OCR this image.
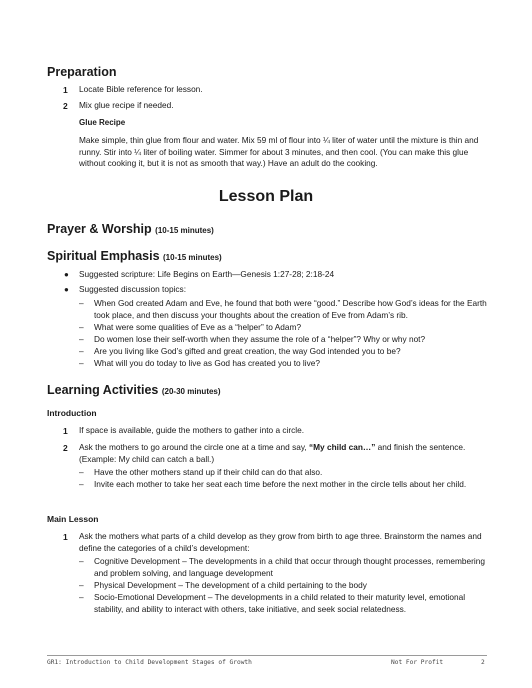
Preparation
1 Locate Bible reference for lesson.
2 Mix glue recipe if needed.
Glue Recipe
Make simple, thin glue from flour and water. Mix 59 ml of flour into ¼ liter of water until the mixture is thin and runny. Stir into ¼ liter of boiling water. Simmer for about 3 minutes, and then cool. (You can make this glue without cooking it, but it is not as smooth that way.) Have an adult do the cooking.
Lesson Plan
Prayer & Worship (10-15 minutes)
Spiritual Emphasis (10-15 minutes)
● Suggested scripture: Life Begins on Earth—Genesis 1:27-28; 2:18-24
● Suggested discussion topics:
– When God created Adam and Eve, he found that both were “good.” Describe how God’s ideas for the Earth took place, and then discuss your thoughts about the creation of Eve from Adam’s rib.
– What were some qualities of Eve as a “helper” to Adam?
– Do women lose their self-worth when they assume the role of a “helper”? Why or why not?
– Are you living like God’s gifted and great creation, the way God intended you to be?
– What will you do today to live as God has created you to live?
Learning Activities (20-30 minutes)
Introduction
1 If space is available, guide the mothers to gather into a circle.
2 Ask the mothers to go around the circle one at a time and say, “My child can…” and finish the sentence. (Example: My child can catch a ball.)
– Have the other mothers stand up if their child can do that also.
– Invite each mother to take her seat each time before the next mother in the circle tells about her child.
Main Lesson
1 Ask the mothers what parts of a child develop as they grow from birth to age three. Brainstorm the names and define the categories of a child’s development:
– Cognitive Development – The developments in a child that occur through thought processes, remembering and problem solving, and language development
– Physical Development – The development of a child pertaining to the body
– Socio-Emotional Development – The developments in a child related to their maturity level, emotional stability, and ability to interact with others, take initiative, and seek social relatedness.
GR1: Introduction to Child Development Stages of Growth	Not For Profit	2
